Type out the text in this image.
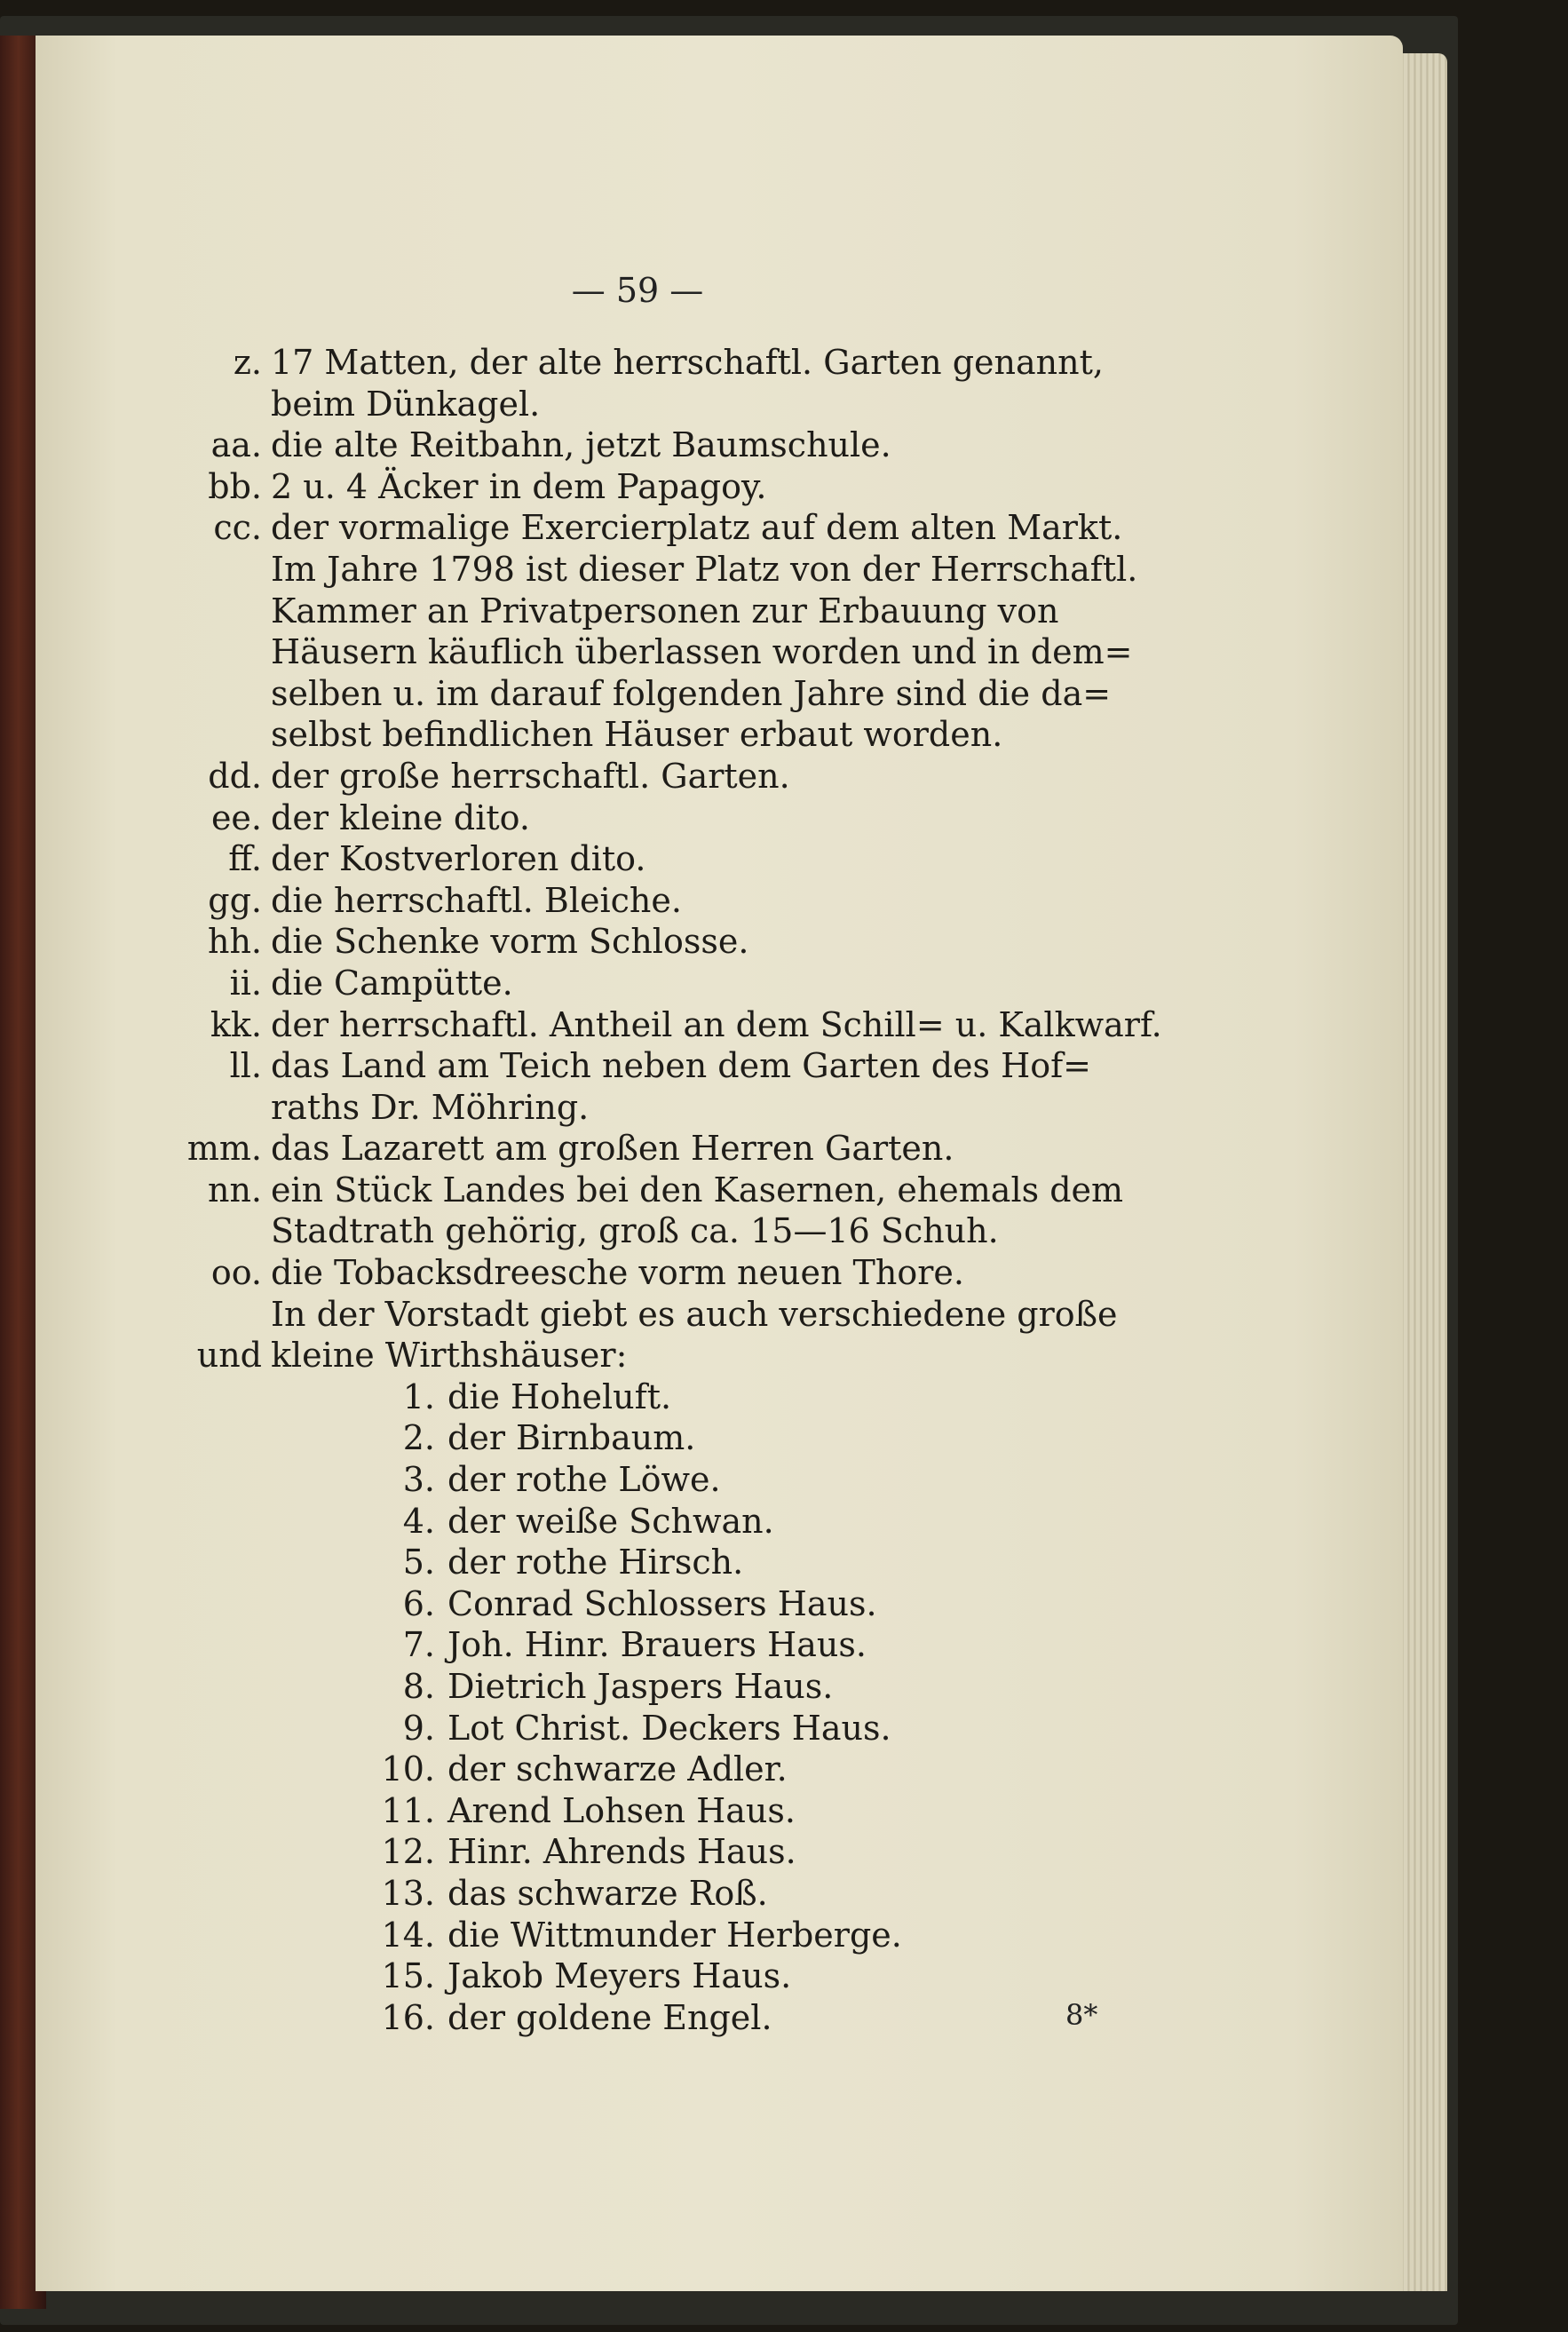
— 59 —
z. 17 Matten, der alte herrschaftl. Garten genannt,
beim Dünkagel.
aa. die alte Reitbahn, jetzt Baumschule.
bb. 2 u. 4 Äcker in dem Papagoy.
cc. der vormalige Exercierplatz auf dem alten Markt.
Im Jahre 1798 ist dieser Platz von der Herrschaftl.
Kammer an Privatpersonen zur Erbauung von
Häusern käuflich überlassen worden und in dem=
selben u. im darauf folgenden Jahre sind die da=
selbst befindlichen Häuser erbaut worden.
dd. der große herrschaftl. Garten.
ee. der kleine dito.
ff. der Kostverloren dito.
gg. die herrschaftl. Bleiche.
hh. die Schenke vorm Schlosse.
ii. die Campütte.
kk. der herrschaftl. Antheil an dem Schill= u. Kalkwarf.
ll. das Land am Teich neben dem Garten des Hof=
raths Dr. Möhring.
mm. das Lazarett am großen Herren Garten.
nn. ein Stück Landes bei den Kasernen, ehemals dem
Stadtrath gehörig, groß ca. 15—16 Schuh.
oo. die Tobacksdreesche vorm neuen Thore.
In der Vorstadt giebt es auch verschiedene große
und kleine Wirthshäuser:
1. die Hoheluft.
2. der Birnbaum.
3. der rothe Löwe.
4. der weiße Schwan.
5. der rothe Hirsch.
6. Conrad Schlossers Haus.
7. Joh. Hinr. Brauers Haus.
8. Dietrich Jaspers Haus.
9. Lot Christ. Deckers Haus.
10. der schwarze Adler.
11. Arend Lohsen Haus.
12. Hinr. Ahrends Haus.
13. das schwarze Roß.
14. die Wittmunder Herberge.
15. Jakob Meyers Haus.
16. der goldene Engel.	8*
